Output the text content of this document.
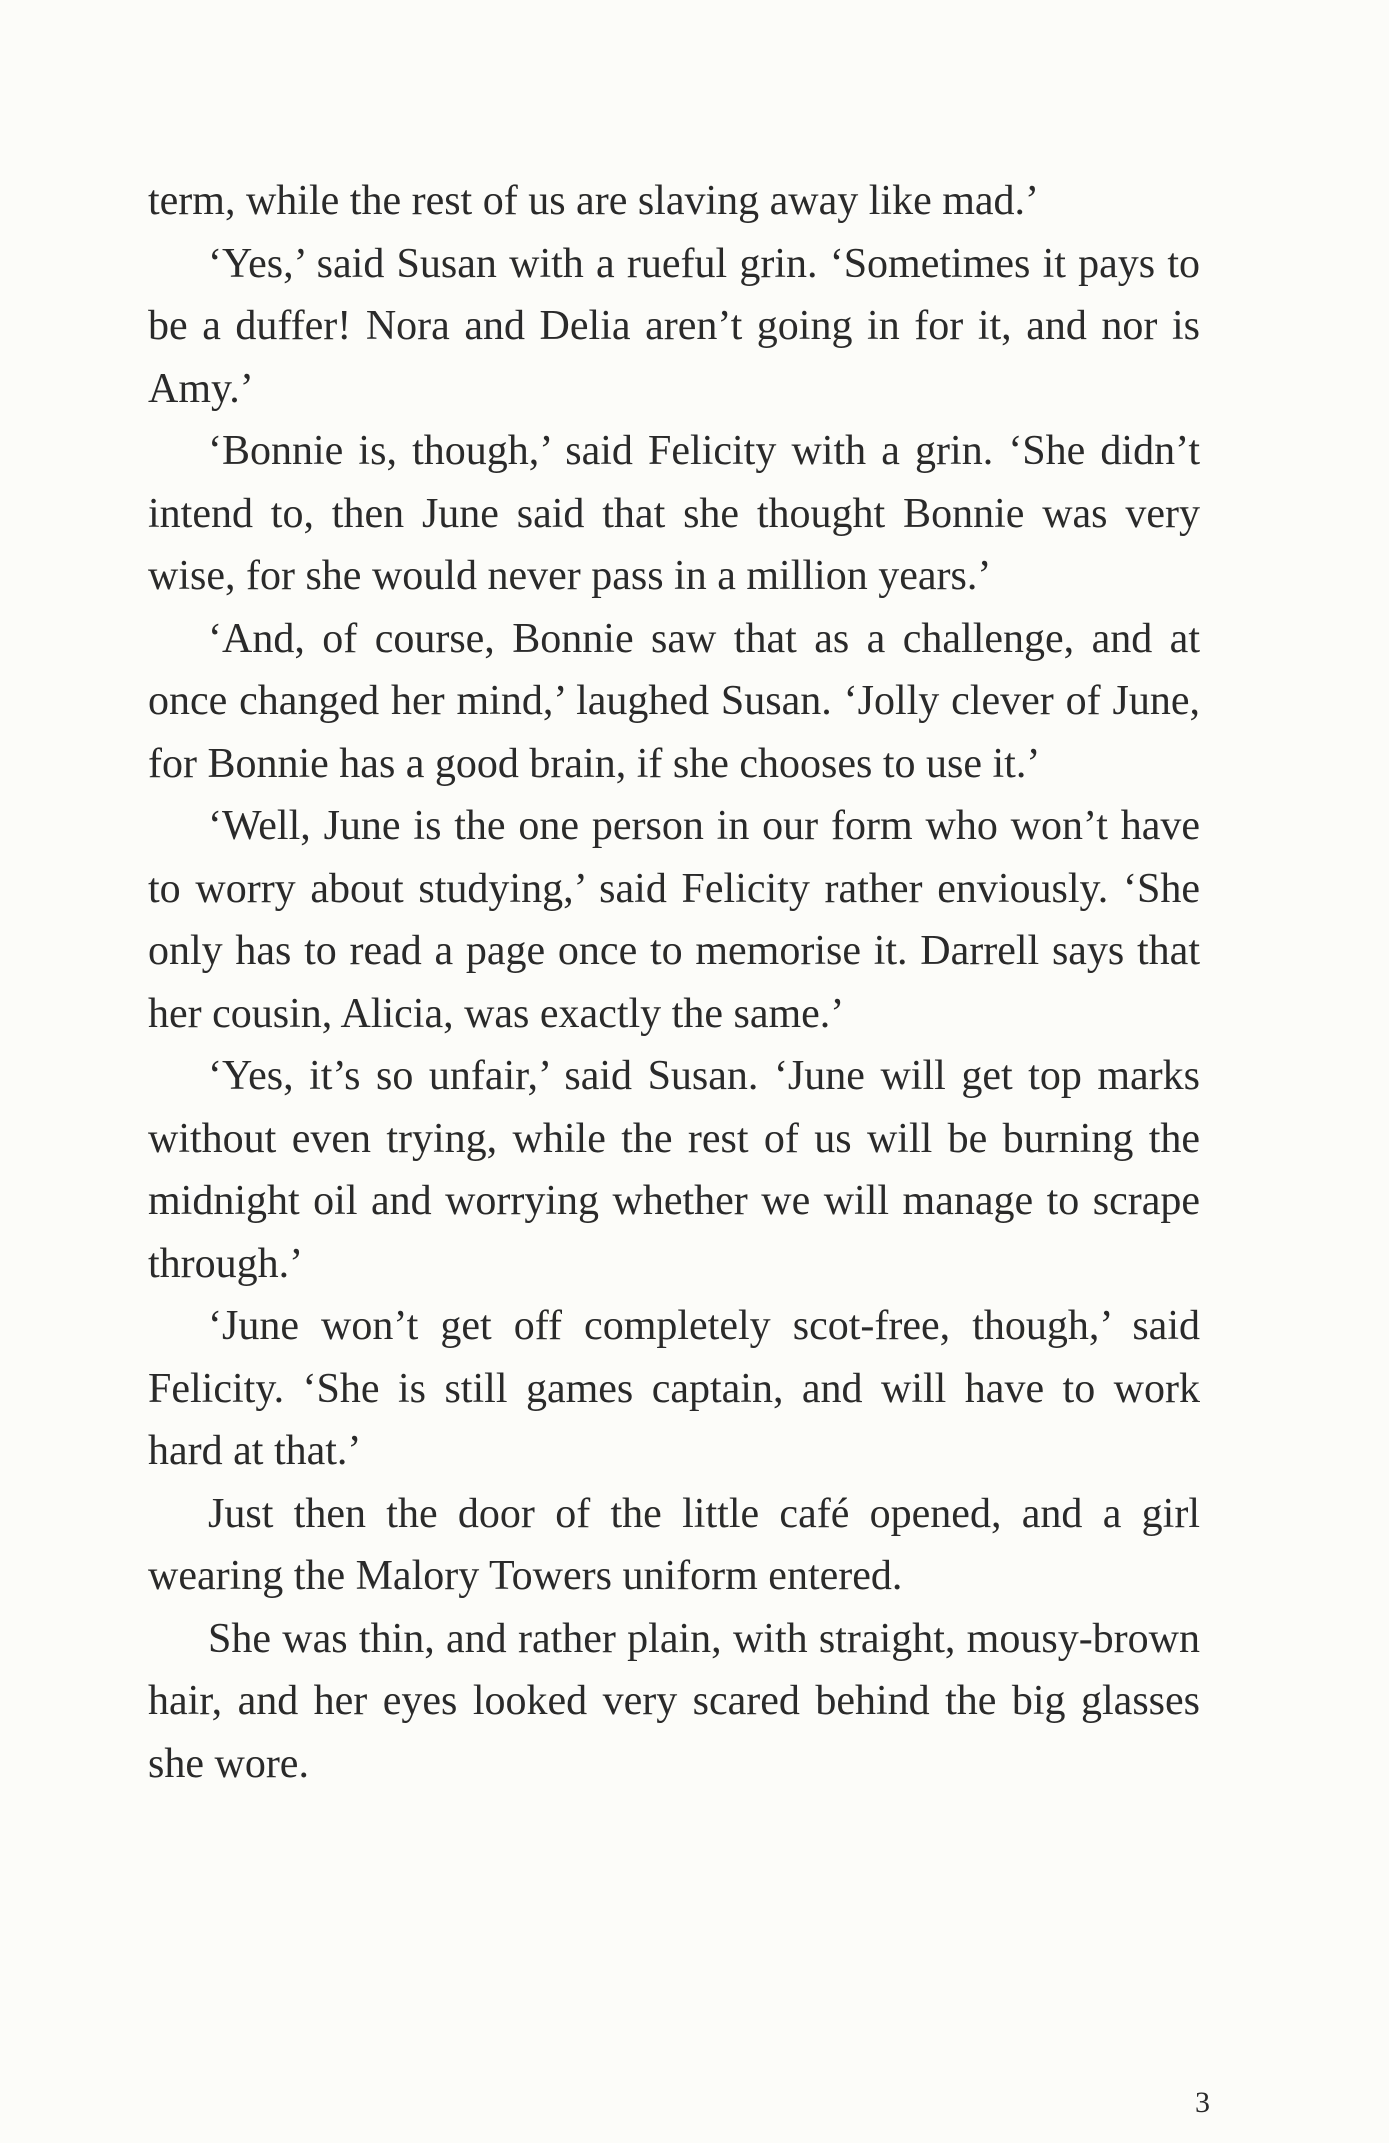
term, while the rest of us are slaving away like mad.’

‘Yes,’ said Susan with a rueful grin. ‘Sometimes it pays to be a duffer! Nora and Delia aren’t going in for it, and nor is Amy.’

‘Bonnie is, though,’ said Felicity with a grin. ‘She didn’t intend to, then June said that she thought Bonnie was very wise, for she would never pass in a million years.’

‘And, of course, Bonnie saw that as a challenge, and at once changed her mind,’ laughed Susan. ‘Jolly clever of June, for Bonnie has a good brain, if she chooses to use it.’

‘Well, June is the one person in our form who won’t have to worry about studying,’ said Felicity rather enviously. ‘She only has to read a page once to memorise it. Darrell says that her cousin, Alicia, was exactly the same.’

‘Yes, it’s so unfair,’ said Susan. ‘June will get top marks without even trying, while the rest of us will be burning the midnight oil and worrying whether we will manage to scrape through.’

‘June won’t get off completely scot-free, though,’ said Felicity. ‘She is still games captain, and will have to work hard at that.’

Just then the door of the little café opened, and a girl wearing the Malory Towers uniform entered.

She was thin, and rather plain, with straight, mousy-brown hair, and her eyes looked very scared behind the big glasses she wore.

3
